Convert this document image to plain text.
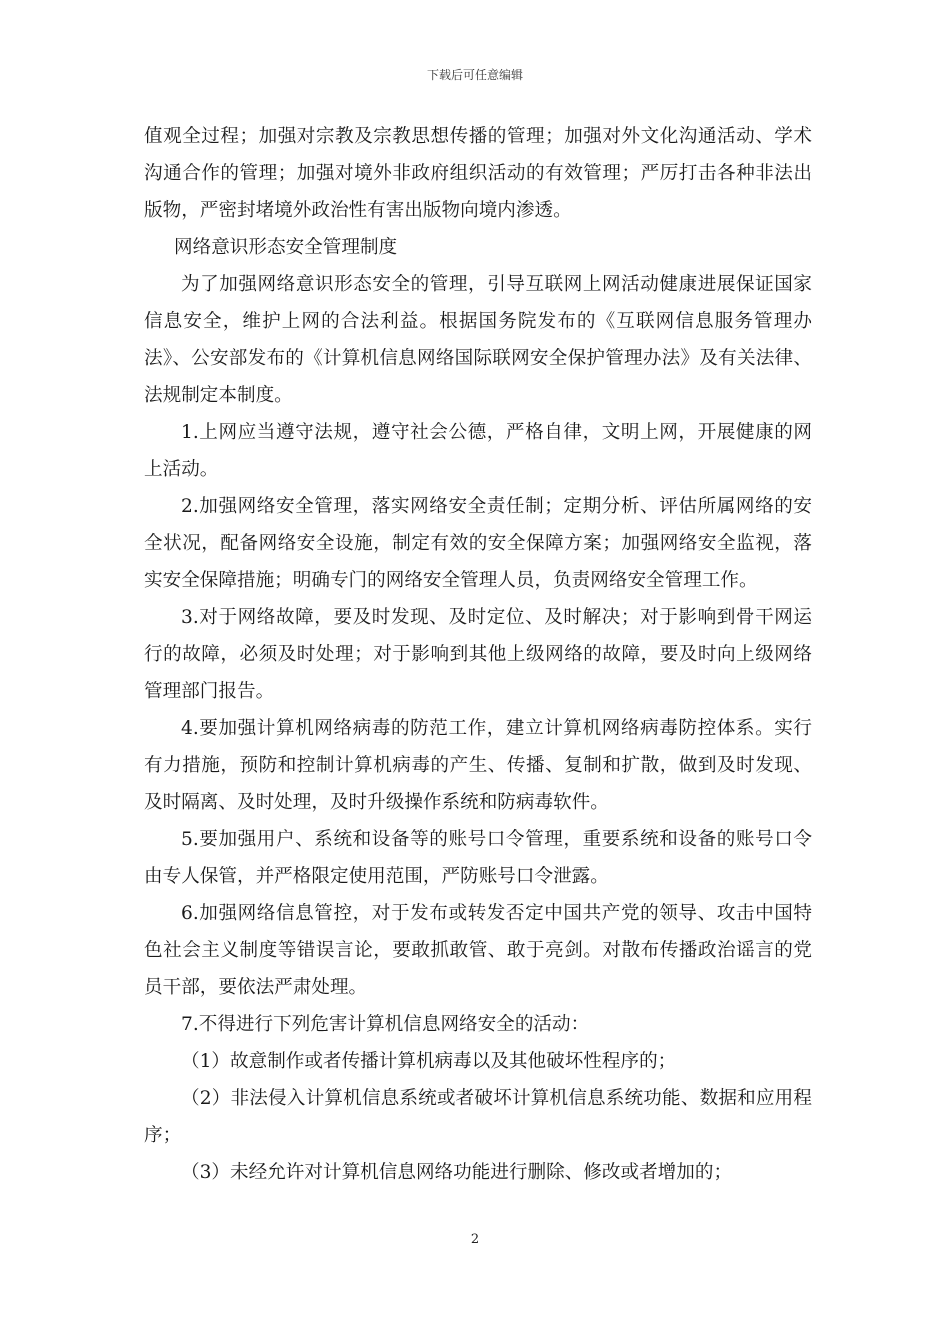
下载后可任意编辑

值观全过程；加强对宗教及宗教思想传播的管理；加强对外文化沟通活动、学术沟通合作的管理；加强对境外非政府组织活动的有效管理；严厉打击各种非法出版物，严密封堵境外政治性有害出版物向境内渗透。

网络意识形态安全管理制度

为了加强网络意识形态安全的管理，引导互联网上网活动健康进展保证国家信息安全，维护上网的合法利益。根据国务院发布的《互联网信息服务管理办法》、公安部发布的《计算机信息网络国际联网安全保护管理办法》及有关法律、法规制定本制度。

1.上网应当遵守法规，遵守社会公德，严格自律，文明上网，开展健康的网上活动。

2.加强网络安全管理，落实网络安全责任制；定期分析、评估所属网络的安全状况，配备网络安全设施，制定有效的安全保障方案；加强网络安全监视，落实安全保障措施；明确专门的网络安全管理人员，负责网络安全管理工作。

3.对于网络故障，要及时发现、及时定位、及时解决；对于影响到骨干网运行的故障，必须及时处理；对于影响到其他上级网络的故障，要及时向上级网络管理部门报告。

4.要加强计算机网络病毒的防范工作，建立计算机网络病毒防控体系。实行有力措施，预防和控制计算机病毒的产生、传播、复制和扩散，做到及时发现、及时隔离、及时处理，及时升级操作系统和防病毒软件。

5.要加强用户、系统和设备等的账号口令管理，重要系统和设备的账号口令由专人保管，并严格限定使用范围，严防账号口令泄露。

6.加强网络信息管控，对于发布或转发否定中国共产党的领导、攻击中国特色社会主义制度等错误言论，要敢抓敢管、敢于亮剑。对散布传播政治谣言的党员干部，要依法严肃处理。

7.不得进行下列危害计算机信息网络安全的活动：

（1）故意制作或者传播计算机病毒以及其他破坏性程序的；

（2）非法侵入计算机信息系统或者破坏计算机信息系统功能、数据和应用程序；

（3）未经允许对计算机信息网络功能进行删除、修改或者增加的；

2
